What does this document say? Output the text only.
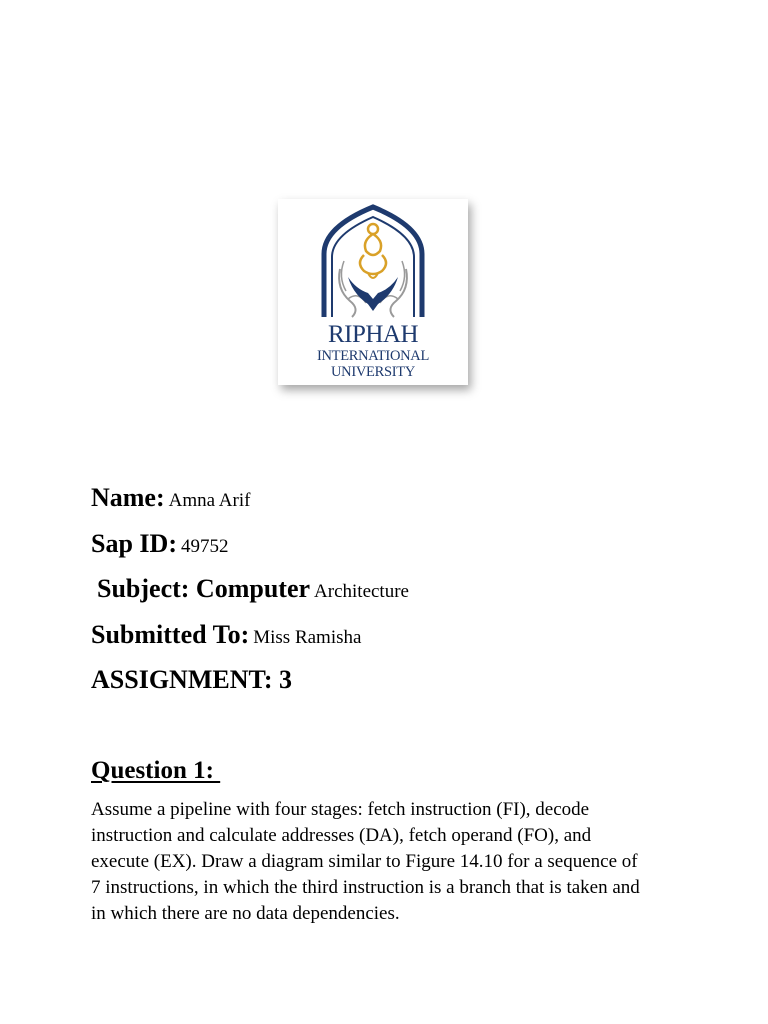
RIPHAH
INTERNATIONAL
UNIVERSITY
Name: Amna Arif
Sap ID: 49752
Subject: Computer Architecture
Submitted To: Miss Ramisha
ASSIGNMENT: 3
Question 1:
Assume a pipeline with four stages: fetch instruction (FI), decode
instruction and calculate addresses (DA), fetch operand (FO), and
execute (EX). Draw a diagram similar to Figure 14.10 for a sequence of
7 instructions, in which the third instruction is a branch that is taken and
in which there are no data dependencies.
